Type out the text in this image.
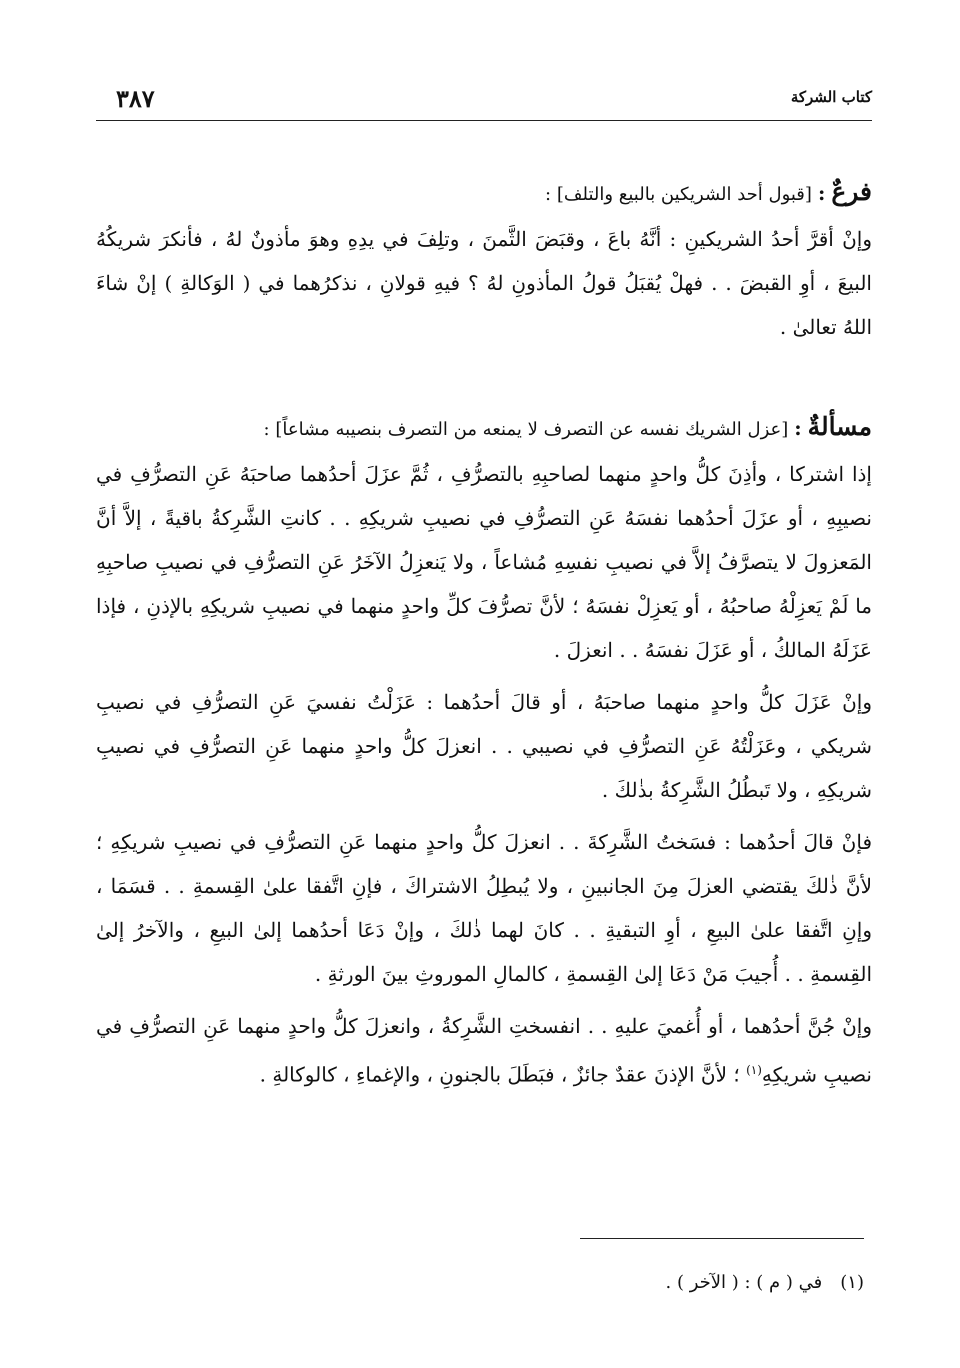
٣٨٧	كتاب الشركة

فرعٌ:[قبول أحد الشريكين بالبيع والتلف] :

وإنْ أقرَّ أحدُ الشريكينِ : أنَّهُ باعَ ، وقبَضَ الثَّمنَ ، وتلِفَ في يدِهِ وهوَ مأذونٌ لهُ ، فأنكرَ شريكُهُ البيعَ ، أوِ القبضَ . . فهلْ يُقبَلُ قولُ المأذونِ لهُ ؟ فيهِ قولانِ ، نذكرُهما في ( الوَكالةِ ) إنْ شاءَ اللهُ تعالىٰ .

مسألةٌ:[عزل الشريك نفسه عن التصرف لا يمنعه من التصرف بنصيبه مشاعاً] :

إذا اشتركا ، وأذِنَ كلُّ واحدٍ منهما لصاحبِهِ بالتصرُّفِ ، ثُمَّ عزَلَ أحدُهما صاحبَهُ عَنِ التصرُّفِ في نصيبِهِ ، أو عزَلَ أحدُهما نفسَهُ عَنِ التصرُّفِ في نصيبِ شريكِهِ . . كانتِ الشَّرِكةُ باقيةً ، إلاَّ أنَّ المَعزولَ لا يتصرَّفُ إلاَّ في نصيبِ نفسِهِ مُشاعاً ، ولا يَنعزِلُ الآخَرُ عَنِ التصرُّفِ في نصيبِ صاحبِهِ ما لَمْ يَعزِلْهُ صاحبُهُ ، أو يَعزِلْ نفسَهُ ؛ لأنَّ تصرُّفَ كلِّ واحدٍ منهما في نصيبِ شريكِهِ بالإذنِ ، فإذا عَزَلَهُ المالكُ ، أو عَزَلَ نفسَهُ . . انعزلَ .

وإنْ عَزَلَ كلُّ واحدٍ منهما صاحبَهُ ، أو قالَ أحدُهما : عَزَلْتُ نفسيَ عَنِ التصرُّفِ في نصيبِ شريكي ، وعَزَلْتُهُ عَنِ التصرُّفِ في نصيبي . . انعزلَ كلُّ واحدٍ منهما عَنِ التصرُّفِ في نصيبِ شريكِهِ ، ولا تَبطُلُ الشَّرِكةُ بذٰلكَ .

فإنْ قالَ أحدُهما : فسَختُ الشَّرِكةَ . . انعزلَ كلُّ واحدٍ منهما عَنِ التصرُّفِ في نصيبِ شريكِهِ ؛ لأنَّ ذٰلكَ يقتضي العزلَ مِنَ الجانبينِ ، ولا يُبطِلُ الاشتراكَ ، فإنِ اتَّفقا علىٰ القِسمةِ . . قسَمَا ، وإنِ اتَّفقا علىٰ البيعِ ، أوِ التبقيةِ . . كانَ لهما ذٰلكَ ، وإنْ دَعَا أحدُهما إلىٰ البيعِ ، والآخرُ إلىٰ القِسمةِ . . أُجيبَ مَنْ دَعَا إلىٰ القِسمةِ ، كالمالِ الموروثِ بينَ الورثةِ .

وإنْ جُنَّ أحدُهما ، أو أُغميَ عليهِ . . انفسختِ الشَّرِكةُ ، وانعزلَ كلُّ واحدٍ منهما عَنِ التصرُّفِ في نصيبِ شريكِهِ$^{(١)}$ ؛ لأنَّ الإذنَ عقدٌ جائزٌ ، فبَطَلَ بالجنونِ ، والإغماءِ ، كالوكالةِ .

(١)في ( م ) : ( الآخر ) .
